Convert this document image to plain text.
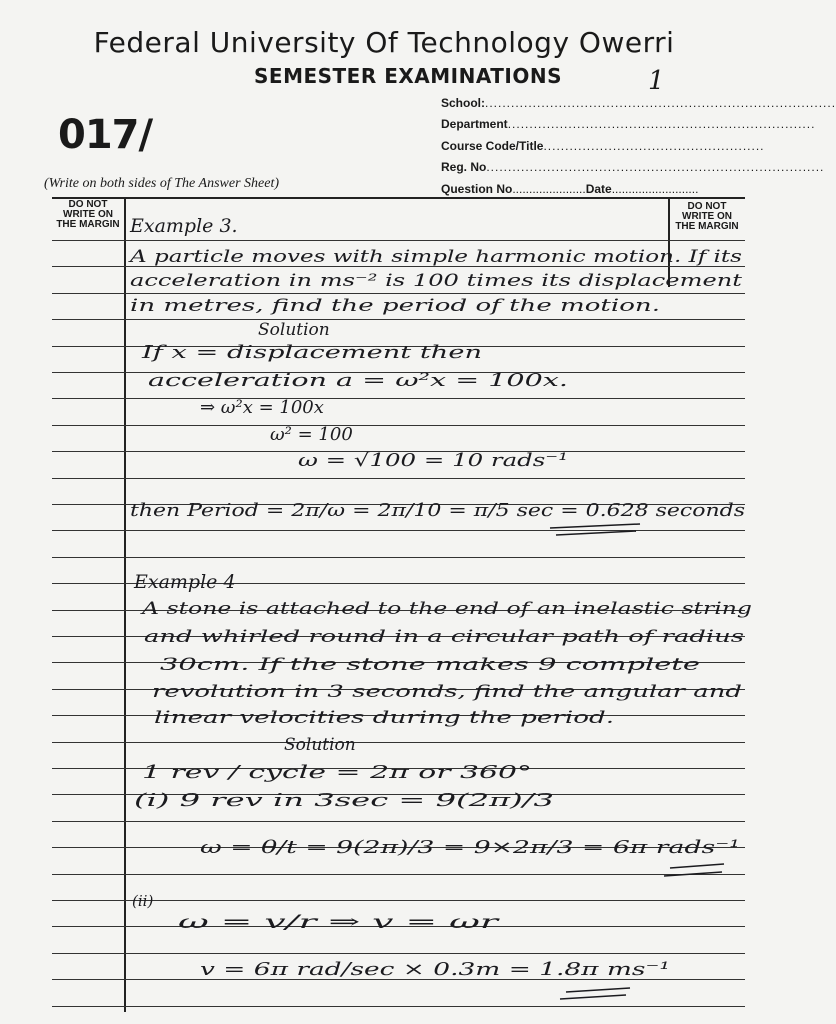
Federal University Of Technology Owerri
SEMESTER EXAMINATIONS	1
017/
(Write on both sides of The Answer Sheet)
School:.................................................................................
Department.......................................................................
Course Code/Title...................................................
Reg. No..............................................................................
Question No......................Date..........................
DO NOT
WRITE ON
THE MARGIN
DO NOT
WRITE ON
THE MARGIN
Example 3.
A particle moves with simple harmonic motion. If its
acceleration in ms⁻² is 100 times its displacement
in metres, find the period of the motion.
Solution
If x = displacement then
acceleration a = ω²x = 100x.
⇒ ω²x = 100x
ω² = 100
ω = √100 = 10 rads⁻¹
then Period = 2π/ω = 2π/10 = π/5 sec = 0.628 seconds
Example 4
A stone is attached to the end of an inelastic string
and whirled round in a circular path of radius
30cm. If the stone makes 9 complete
revolution in 3 seconds, find the angular and
linear velocities during the period.
Solution
1 rev / cycle = 2π or 360°
(i) 9 rev in 3sec = 9(2π)/3
ω = θ/t = 9(2π)/3 = 9×2π/3 = 6π rads⁻¹
(ii)
ω = v/r ⇒ v = ωr
v = 6π rad/sec × 0.3m = 1.8π ms⁻¹
